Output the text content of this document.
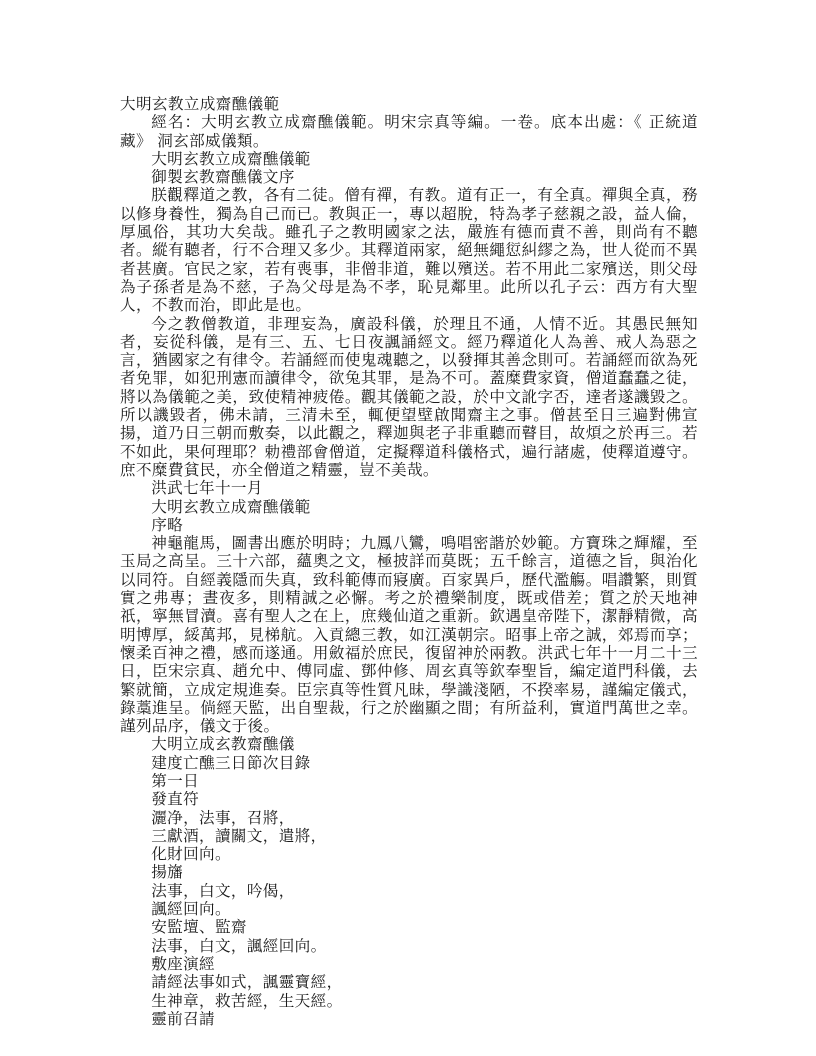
大明玄教立成齋醮儀範

經名：大明玄教立成齋醮儀範。明宋宗真等編。一卷。底本出處：《 正統道藏》 洞玄部威儀類。

大明玄教立成齋醮儀範

御製玄教齋醮儀文序

朕觀釋道之教，各有二徒。僧有禪，有教。道有正一，有全真。禪與全真，務以修身養性，獨為自己而已。教與正一，專以超脫，特為孝子慈親之設，益人倫，厚風俗，其功大矣哉。雖孔子之教明國家之法，嚴旌有德而責不善，則尚有不聽者。縱有聽者，行不合理又多少。其釋道兩家，絕無繩愆糾繆之為，世人從而不異者甚廣。官民之家，若有喪事，非僧非道，難以殯送。若不用此二家殯送，則父母為子孫者是為不慈，子為父母是為不孝，恥見鄰里。此所以孔子云：西方有大聖人，不教而治，即此是也。

今之教僧教道，非理妄為，廣設科儀，於理且不通，人情不近。其愚民無知者，妄從科儀，是有三、五、七日夜諷誦經文。經乃釋道化人為善、戒人為惡之言，猶國家之有律令。若誦經而使鬼魂聽之，以發揮其善念則可。若誦經而欲為死者免罪，如犯刑憲而讀律令，欲兔其罪，是為不可。蓋糜費家資，僧道蠢蠢之徒，將以為儀範之美，致使精神疲倦。觀其儀範之設，於中文訛字否，達者遂譏毀之。所以譏毀者，佛未請，三清未至，輒便望壁啟聞齋主之事。僧甚至日三遍對佛宣揚，道乃日三朝而敷奏，以此觀之，釋迦與老子非重聽而瞽目，故煩之於再三。若不如此，果何理耶？勅禮部會僧道，定擬釋道科儀格式，遍行諸處，使釋道遵守。庶不糜費貧民，亦全僧道之精靈，豈不美哉。

洪武七年十一月

大明玄教立成齋醮儀範

序略

神龜龍馬，圖書出應於明時；九鳳八鸞，鳴唱密諧於妙範。方寶珠之輝耀，至玉局之高呈。三十六部，蘊奧之文，極披詳而莫既；五千餘言，道德之旨，與治化以同符。自經義隱而失真，致科範傳而寢廣。百家異戶，歷代濫觴。唱讚繁，則質實之弗專；晝夜多，則精誠之必懈。考之於禮樂制度，既或借差；質之於天地神祇，寧無冒瀆。喜有聖人之在上，庶幾仙道之重新。欽遇皇帝陛下，潔靜精微，高明博厚，綏萬邦，見梯航。入貢總三教，如江漢朝宗。昭事上帝之誠，郊焉而享；懷柔百神之禮，感而遂通。用斂福於庶民，復留神於兩教。洪武七年十一月二十三日，臣宋宗真、趙允中、傅同虛、鄧仲修、周玄真等欽奉聖旨，編定道門科儀，去繁就簡，立成定規進奏。臣宗真等性質凡昧，學識淺陋，不揆率易，謹編定儀式，錄藁進呈。倘經天監，出自聖裁，行之於幽顯之間；有所益利，實道門萬世之幸。謹列品序，儀文于後。

大明立成玄教齋醮儀

建度亡醮三日節次目錄

第一日

發直符

灑净，法事，召將，

三獻酒，讀關文，遣將，

化財回向。

揚旛

法事，白文，吟偈，

諷經回向。

安監壇、監齋

法事，白文，諷經回向。

敷座演經

請經法事如式，諷靈寶經，

生神章，救苦經，生天經。

靈前召請
